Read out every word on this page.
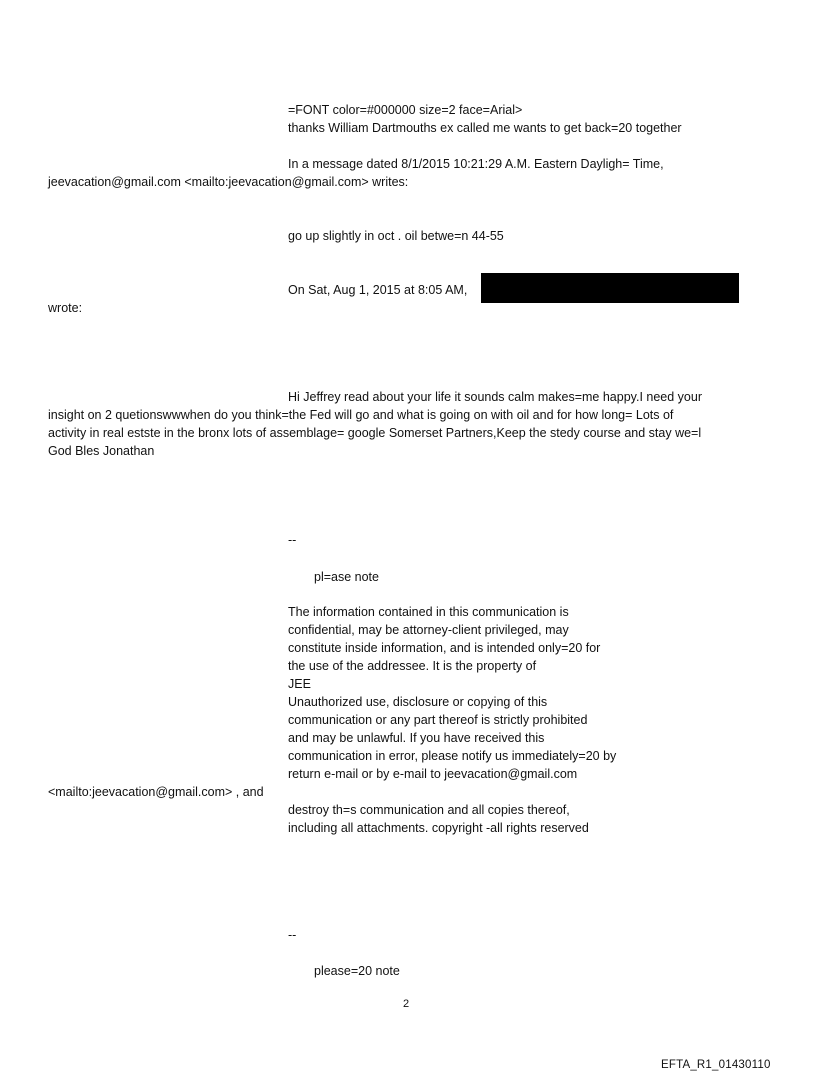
=FONT color=#000000 size=2 face=Arial>
thanks William Dartmouths ex called me wants to get back=20 together
In a message dated 8/1/2015 10:21:29 A.M. Eastern Dayligh= Time,
jeevacation@gmail.com <mailto:jeevacation@gmail.com> writes:
go up slightly in oct . oil betwe=n 44-55
On Sat, Aug 1, 2015 at 8:05 AM,
wrote:
Hi Jeffrey read about your life it sounds calm makes=me happy.I need your
insight on 2 quetionswwwhen do you think=the Fed will go and what is going on with oil and for how long= Lots of
activity in real estste in the bronx lots of assemblage= google Somerset Partners,Keep the stedy course and stay we=l
God Bles Jonathan
--
pl=ase note
The information contained in this communication is
confidential, may be attorney-client privileged, may
constitute inside information, and is intended only=20 for
the use of the addressee. It is the property of
JEE
Unauthorized use, disclosure or copying of this
communication or any part thereof is strictly prohibited
and may be unlawful. If you have received this
communication in error, please notify us immediately=20 by
return e-mail or by e-mail to jeevacation@gmail.com
<mailto:jeevacation@gmail.com> , and
destroy th=s communication and all copies thereof,
including all attachments. copyright -all rights reserved
--
please=20 note
2
EFTA_R1_01430110
